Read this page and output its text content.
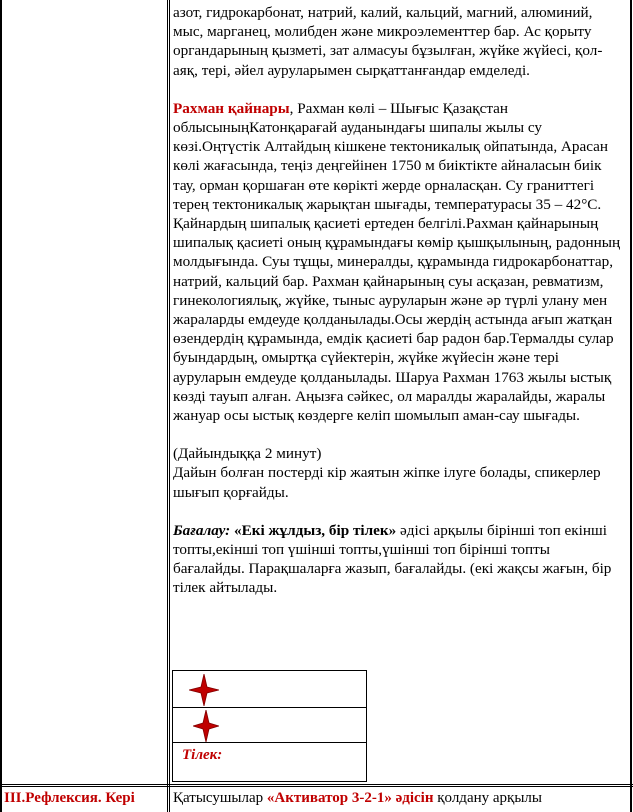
азот, гидрокарбонат, натрий, калий, кальций, магний, алюминий, мыс, марганец, молибден және микроэлементтер бар. Ас қорыту органдарының қызметі, зат алмасуы бұзылған, жүйке жүйесі, қол-аяқ, тері, әйел ауруларымен сырқаттанғандар емделеді.

Рахман қайнары, Рахман көлі – Шығыс Қазақстан облысыныңКатонқарағай ауданындағы шипалы жылы су көзі.Оңтүстік Алтайдың кішкене тектоникалық ойпатында, Арасан көлі жағасында, теңіз деңгейінен 1750 м биіктікте айналасын биік тау, орман қоршаған өте көрікті жерде орналасқан. Су граниттегі терең тектоникалық жарықтан шығады, температурасы 35 – 42°С. Қайнардың шипалық қасиеті ертеден белгілі.Рахман қайнарының шипалық қасиеті оның құрамындағы көмір қышқылының, радонның молдығында. Суы тұщы, минералды, құрамында гидрокарбонаттар, натрий, кальций бар. Рахман қайнарының суы асқазан, ревматизм, гинекологиялық, жүйке, тыныс ауруларын және әр түрлі улану мен жараларды емдеуде қолданылады.Осы жердің астында ағып жатқан өзендердің құрамында, емдік қасиеті бар радон бар.Термалды сулар буындардың, омыртқа сүйектерін, жүйке жүйесін және тері ауруларын емдеуде қолданылады. Шаруа Рахман 1763 жылы ыстық көзді тауып алған. Аңызға сәйкес, ол маралды жаралайды, жаралы жануар осы ыстық көздерге келіп шомылып аман-сау шығады.

(Дайындыққа 2 минут)

Дайын болған постерді кір жаятын жіпке ілуге болады, спикерлер шығып қорғайды.

Бағалау: «Екі жұлдыз, бір тілек» әдісі арқылы бірінші топ екінші топты,екінші топ үшінші топты,үшінші топ бірінші топты бағалайды. Парақшаларға жазып, бағалайды. (екі жақсы жағын, бір тілек айтылады.

Тілек:
III.Рефлексия. Кері	Қатысушылар «Активатор 3-2-1» әдісін қолдану арқылы
